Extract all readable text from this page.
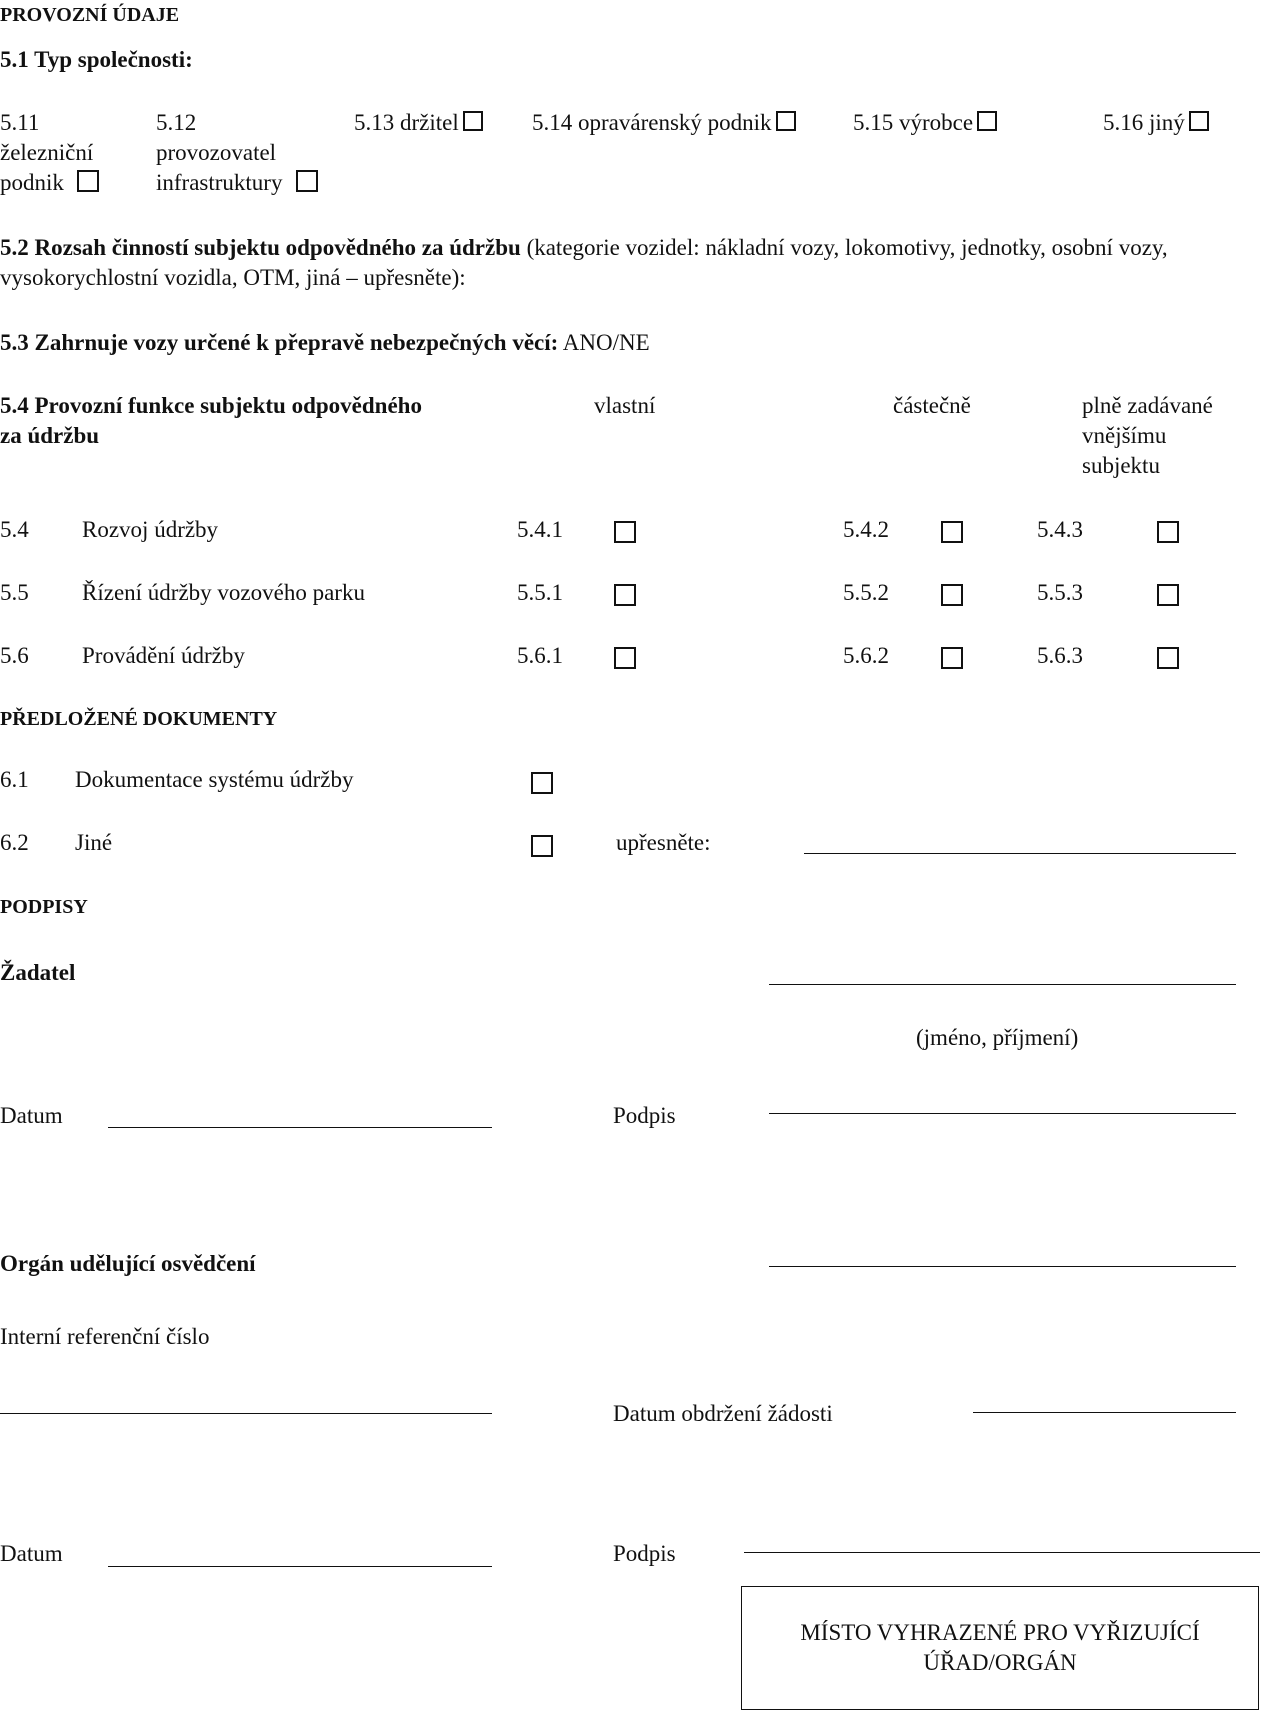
PROVOZNÍ ÚDAJE
5.1 Typ společnosti:
5.11
železniční
podnik
5.12
provozovatel
infrastruktury
5.13 držitel	5.14 opravárenský podnik	5.15 výrobce	5.16 jiný
5.2 Rozsah činností subjektu odpovědného za údržbu (kategorie vozidel: nákladní vozy, lokomotivy, jednotky, osobní vozy,
vysokorychlostní vozidla, OTM, jiná – upřesněte):
5.3 Zahrnuje vozy určené k přepravě nebezpečných věcí: ANO/NE
5.4 Provozní funkce subjektu odpovědného
za údržbu
vlastní	částečně	plně zadávané
vnějšímu
subjektu
5.4 Rozvoj údržby	5.4.1	5.4.2	5.4.3
5.5 Řízení údržby vozového parku	5.5.1	5.5.2	5.5.3
5.6 Provádění údržby	5.6.1	5.6.2	5.6.3
PŘEDLOŽENÉ DOKUMENTY
6.1 Dokumentace systému údržby
6.2 Jiné	upřesněte:
PODPISY
Žadatel
(jméno, příjmení)
Datum	Podpis
Orgán udělující osvědčení
Interní referenční číslo
Datum obdržení žádosti
Datum	Podpis
MÍSTO VYHRAZENÉ PRO VYŘIZUJÍCÍ
ÚŘAD/ORGÁN
